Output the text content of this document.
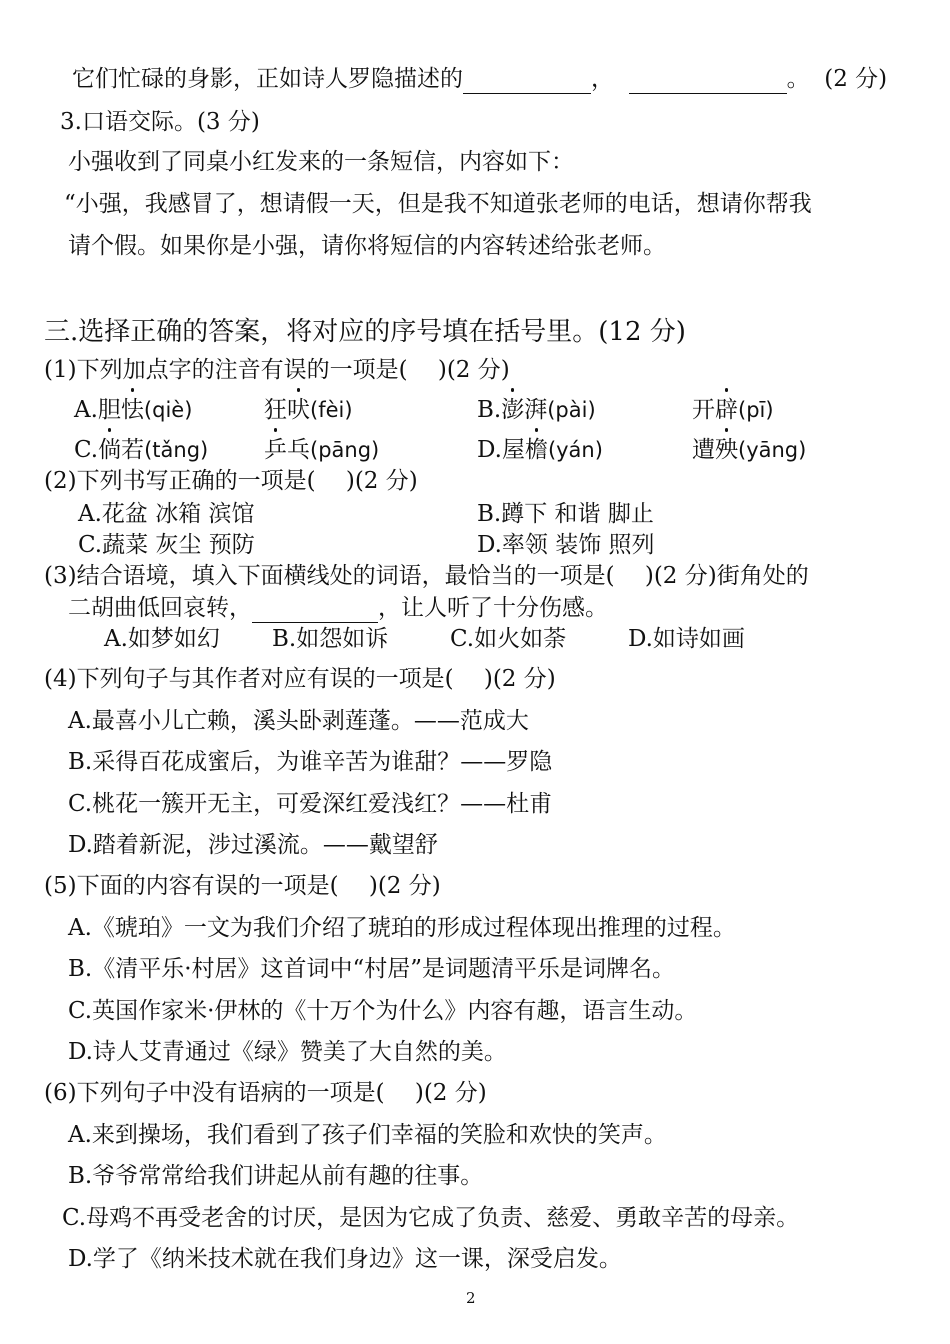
它们忙碌的身影，正如诗人罗隐描述的	，	。 (2 分)
3.口语交际。(3 分)
小强收到了同桌小红发来的一条短信，内容如下：
“小强，我感冒了，想请假一天，但是我不知道张老师的电话，想请你帮我
请个假。如果你是小强，请你将短信的内容转述给张老师。
三.选择正确的答案，将对应的序号填在括号里。(12 分)
(1)下列加点字的注音有误的一项是(　 )(2 分)
A.胆怯(qiè)	狂吠(fèi)	B.澎湃(pài)	开辟(pī)
C.倘若(tǎng) 乒乓(pāng)	D.屋檐(yán)	遭殃(yāng)
(2)下列书写正确的一项是(　 )(2 分)
A.花盆 冰箱 滨馆	B.蹲下 和谐 脚止
C.蔬菜 灰尘 预防	D.率领 装饰 照列
(3)结合语境，填入下面横线处的词语，最恰当的一项是(　 )(2 分)街角处的
二胡曲低回哀转，	，让人听了十分伤感。
A.如梦如幻 B.如怨如诉	C.如火如荼	D.如诗如画
(4)下列句子与其作者对应有误的一项是(　 )(2 分)
A.最喜小儿亡赖，溪头卧剥莲蓬。——范成大
B.采得百花成蜜后，为谁辛苦为谁甜？——罗隐
C.桃花一簇开无主，可爱深红爱浅红？——杜甫
D.踏着新泥，涉过溪流。——戴望舒
(5)下面的内容有误的一项是(　 )(2 分)
A.《琥珀》一文为我们介绍了琥珀的形成过程体现出推理的过程。
B.《清平乐·村居》这首词中“村居”是词题清平乐是词牌名。
C.英国作家米·伊林的《十万个为什么》内容有趣，语言生动。
D.诗人艾青通过《绿》赞美了大自然的美。
(6)下列句子中没有语病的一项是(　 )(2 分)
A.来到操场，我们看到了孩子们幸福的笑脸和欢快的笑声。
B.爷爷常常给我们讲起从前有趣的往事。
C.母鸡不再受老舍的讨厌，是因为它成了负责、慈爱、勇敢辛苦的母亲。
D.学了《纳米技术就在我们身边》这一课，深受启发。
2
